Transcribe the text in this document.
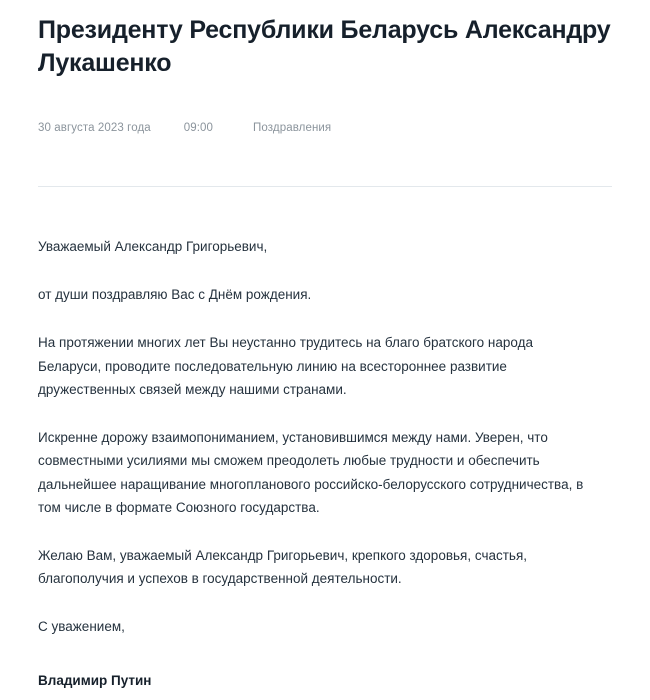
Президенту Республики Беларусь Александру Лукашенко
30 августа 2023 года	09:00	Поздравления

Уважаемый Александр Григорьевич,

от души поздравляю Вас с Днём рождения.

На протяжении многих лет Вы неустанно трудитесь на благо братского народа Беларуси, проводите последовательную линию на всестороннее развитие дружественных связей между нашими странами.

Искренне дорожу взаимопониманием, установившимся между нами. Уверен, что совместными усилиями мы сможем преодолеть любые трудности и обеспечить дальнейшее наращивание многопланового российско-белорусского сотрудничества, в том числе в формате Союзного государства.

Желаю Вам, уважаемый Александр Григорьевич, крепкого здоровья, счастья, благополучия и успехов в государственной деятельности.

С уважением,

Владимир Путин
